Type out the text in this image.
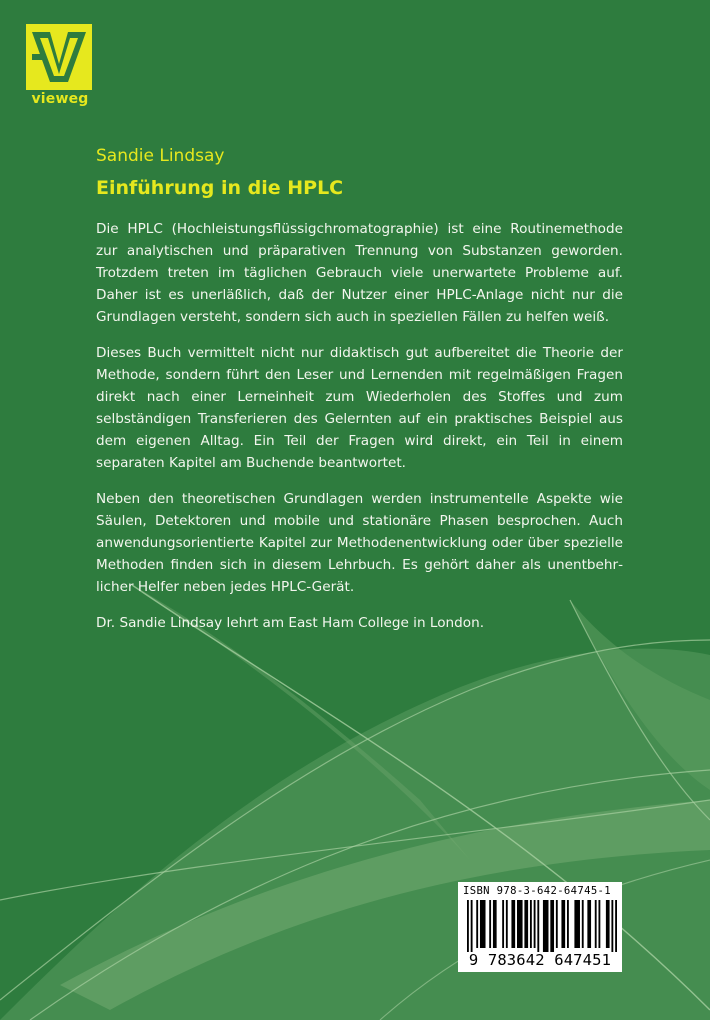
vieweg
Sandie Lindsay
Einführung in die HPLC

Die HPLC (Hochleistungsflüssigchromatographie) ist eine Routinemethode zur analytischen und präparativen Trennung von Substanzen geworden. Trotzdem treten im täglichen Gebrauch viele unerwartete Probleme auf. Daher ist es unerläßlich, daß der Nutzer einer HPLC-Anlage nicht nur die Grundlagen versteht, sondern sich auch in speziellen Fällen zu helfen weiß.

Dieses Buch vermittelt nicht nur didaktisch gut aufbereitet die Theorie der Methode, sondern führt den Leser und Lernenden mit regelmäßigen Fragen direkt nach einer Lerneinheit zum Wiederholen des Stoffes und zum selbständigen Transferieren des Gelernten auf ein praktisches Beispiel aus dem eigenen Alltag. Ein Teil der Fragen wird direkt, ein Teil in einem separaten Kapitel am Buchende beantwortet.

Neben den theoretischen Grundlagen werden instrumentelle Aspekte wie Säulen, Detektoren und mobile und stationäre Phasen besprochen. Auch anwendungsorientierte Kapitel zur Methodenentwicklung oder über spezielle Methoden finden sich in diesem Lehrbuch. Es gehört daher als unentbehrlicher Helfer neben jedes HPLC-Gerät.

Dr. Sandie Lindsay lehrt am East Ham College in London.

ISBN 978-3-642-64745-1
9 783642 647451
